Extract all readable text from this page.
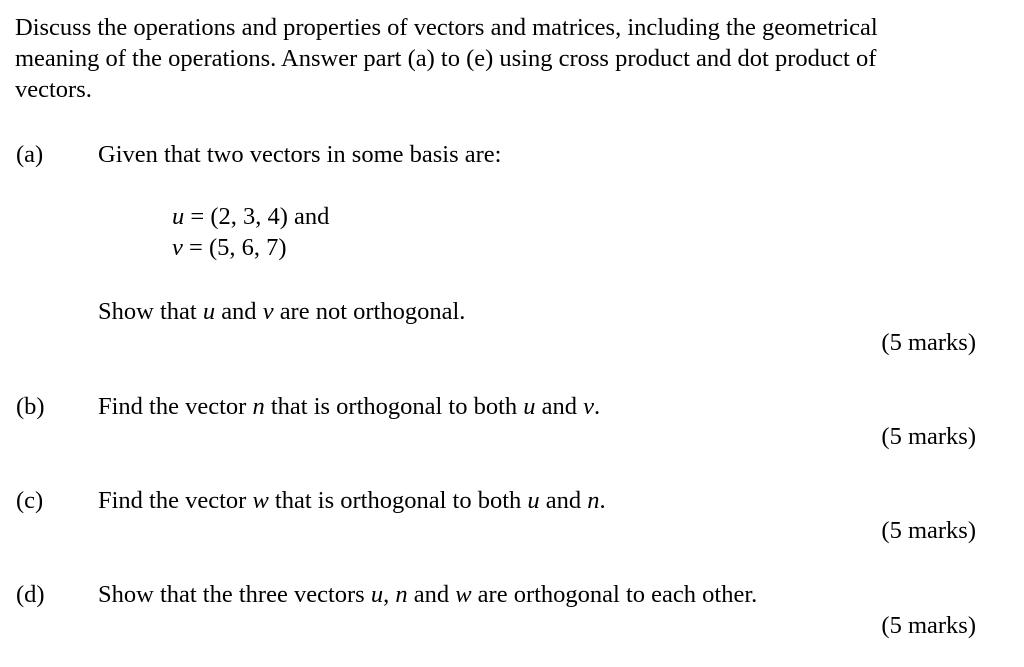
Discuss the operations and properties of vectors and matrices, including the geometrical
meaning of the operations. Answer part (a) to (e) using cross product and dot product of
vectors.
(a) Given that two vectors in some basis are:
u = (2, 3, 4) and
v = (5, 6, 7)
Show that u and v are not orthogonal.
(5 marks)
(b) Find the vector n that is orthogonal to both u and v.
(5 marks)
(c) Find the vector w that is orthogonal to both u and n.
(5 marks)
(d) Show that the three vectors u, n and w are orthogonal to each other.
(5 marks)
